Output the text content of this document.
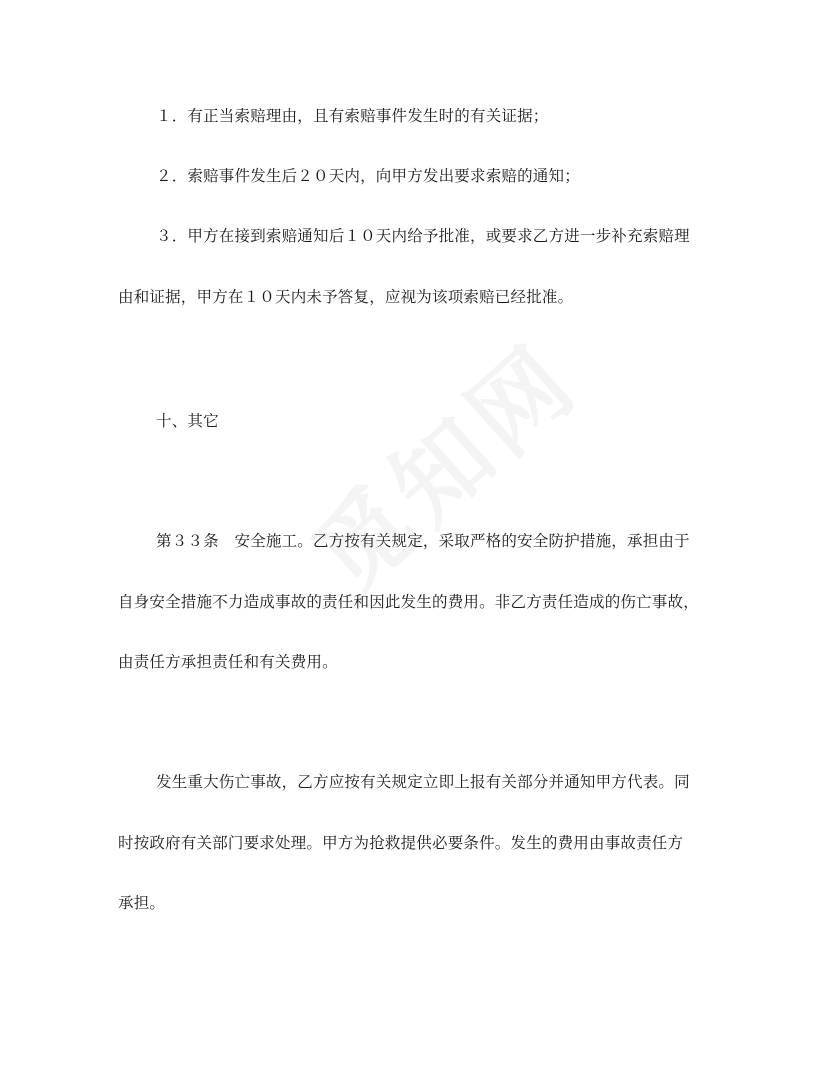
１．有正当索赔理由，且有索赔事件发生时的有关证据；
２．索赔事件发生后２０天内，向甲方发出要求索赔的通知；
３．甲方在接到索赔通知后１０天内给予批准，或要求乙方进一步补充索赔理
由和证据，甲方在１０天内未予答复，应视为该项索赔已经批准。
十、其它
第３３条　安全施工。乙方按有关规定，采取严格的安全防护措施，承担由于
自身安全措施不力造成事故的责任和因此发生的费用。非乙方责任造成的伤亡事故，
由责任方承担责任和有关费用。
发生重大伤亡事故，乙方应按有关规定立即上报有关部分并通知甲方代表。同
时按政府有关部门要求处理。甲方为抢救提供必要条件。发生的费用由事故责任方
承担。
